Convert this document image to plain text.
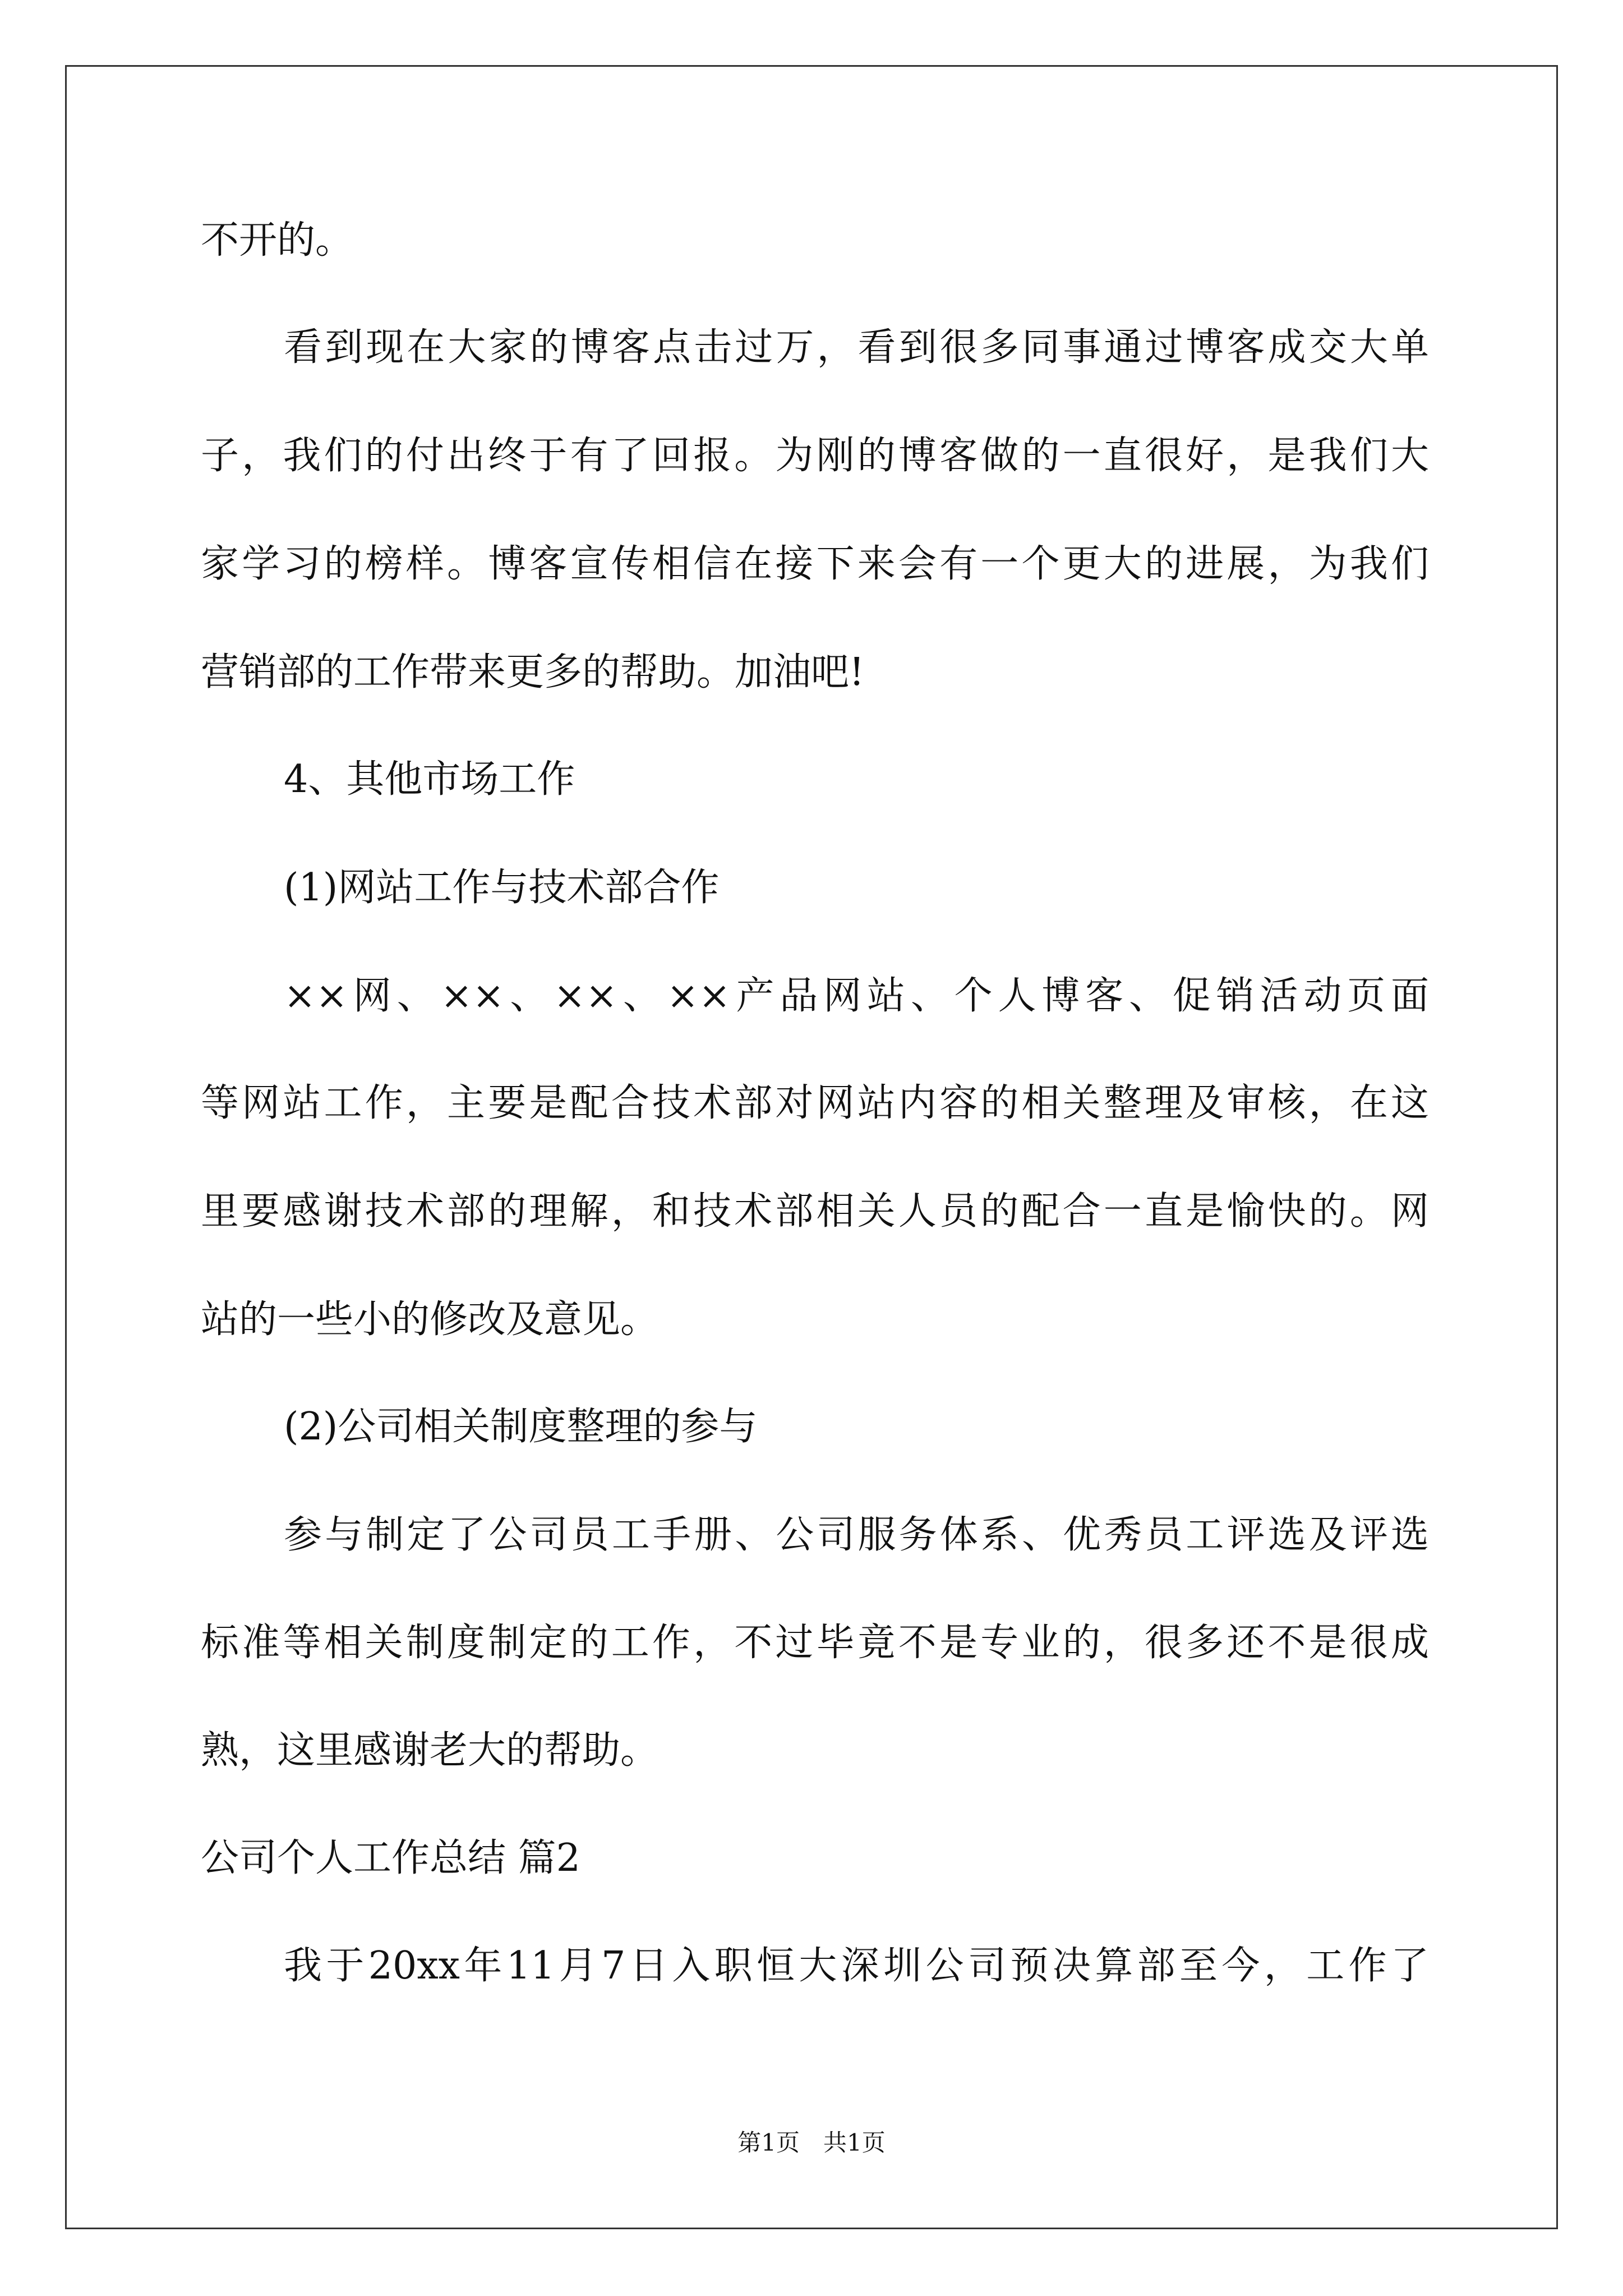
不开的。
看到现在大家的博客点击过万，看到很多同事通过博客成交大单
子，我们的付出终于有了回报。为刚的博客做的一直很好，是我们大
家学习的榜样。博客宣传相信在接下来会有一个更大的进展，为我们
营销部的工作带来更多的帮助。加油吧!
4、其他市场工作
(1)网站工作与技术部合作
××网、××、××、××产品网站、个人博客、促销活动页面
等网站工作，主要是配合技术部对网站内容的相关整理及审核，在这
里要感谢技术部的理解，和技术部相关人员的配合一直是愉快的。网
站的一些小的修改及意见。
(2)公司相关制度整理的参与
参与制定了公司员工手册、公司服务体系、优秀员工评选及评选
标准等相关制度制定的工作，不过毕竟不是专业的，很多还不是很成
熟，这里感谢老大的帮助。
公司个人工作总结 篇2
我于20xx年11月7日入职恒大深圳公司预决算部至今，工作了
第1页　共1页
